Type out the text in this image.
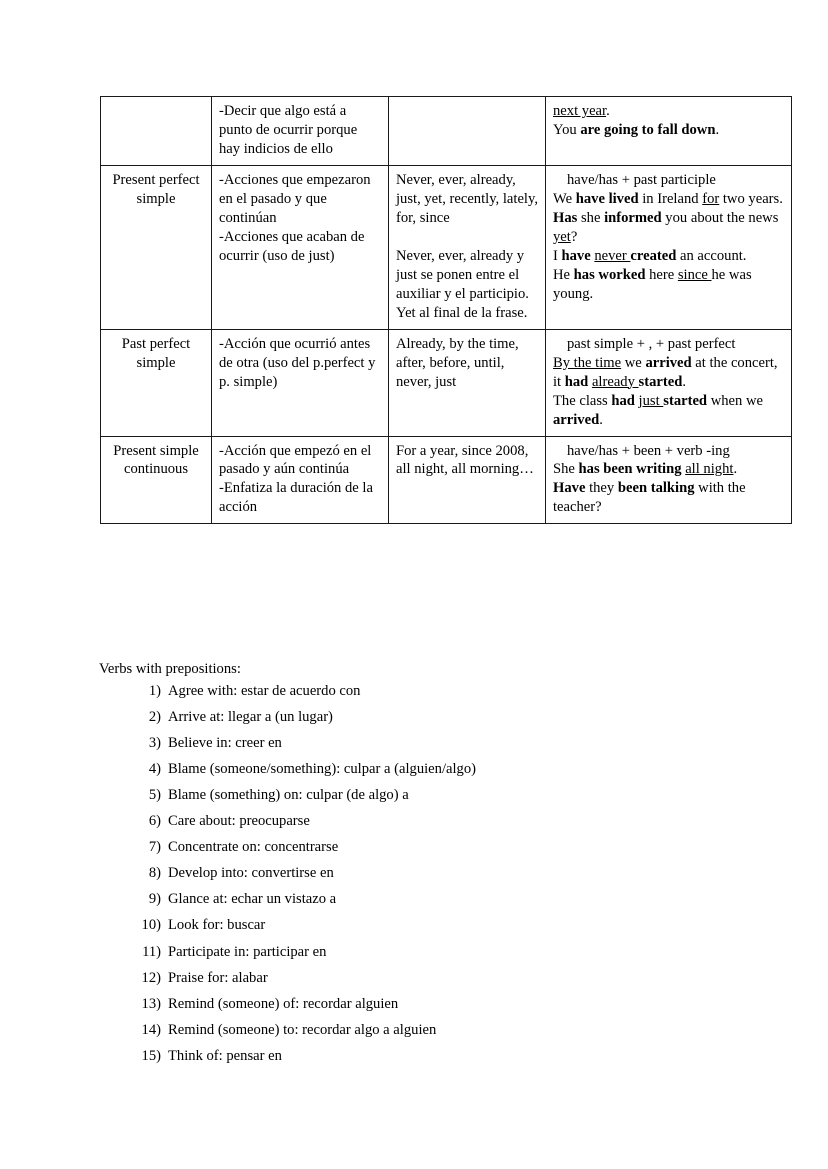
	-Decir que algo está a punto de ocurrir porque hay indicios de ello		next year.
You are going to fall down.

Present perfect simple	-Acciones que empezaron en el pasado y que continúan
-Acciones que acaban de ocurrir (uso de just)	Never, ever, already, just, yet, recently, lately, for, since
Never, ever, already y just se ponen entre el auxiliar y el participio. Yet al final de la frase.	have/has + past participle
We have lived in Ireland for two years.
Has she informed you about the news yet?
I have never created an account.
He has worked here since he was young.

Past perfect simple	-Acción que ocurrió antes de otra (uso del p.perfect y p. simple)	Already, by the time, after, before, until, never, just	past simple + , + past perfect
By the time we arrived at the concert, it had already started.
The class had just started when we arrived.

Present simple continuous	-Acción que empezó en el pasado y aún continúa
-Enfatiza la duración de la acción	For a year, since 2008, all night, all morning…	have/has + been + verb -ing
She has been writing all night.
Have they been talking with the teacher?

Verbs with prepositions:

1) Agree with: estar de acuerdo con
2) Arrive at: llegar a (un lugar)
3) Believe in: creer en
4) Blame (someone/something): culpar a (alguien/algo)
5) Blame (something) on: culpar (de algo) a
6) Care about: preocuparse
7) Concentrate on: concentrarse
8) Develop into: convertirse en
9) Glance at: echar un vistazo a
10) Look for: buscar
11) Participate in: participar en
12) Praise for: alabar
13) Remind (someone) of: recordar alguien
14) Remind (someone) to: recordar algo a alguien
15) Think of: pensar en
